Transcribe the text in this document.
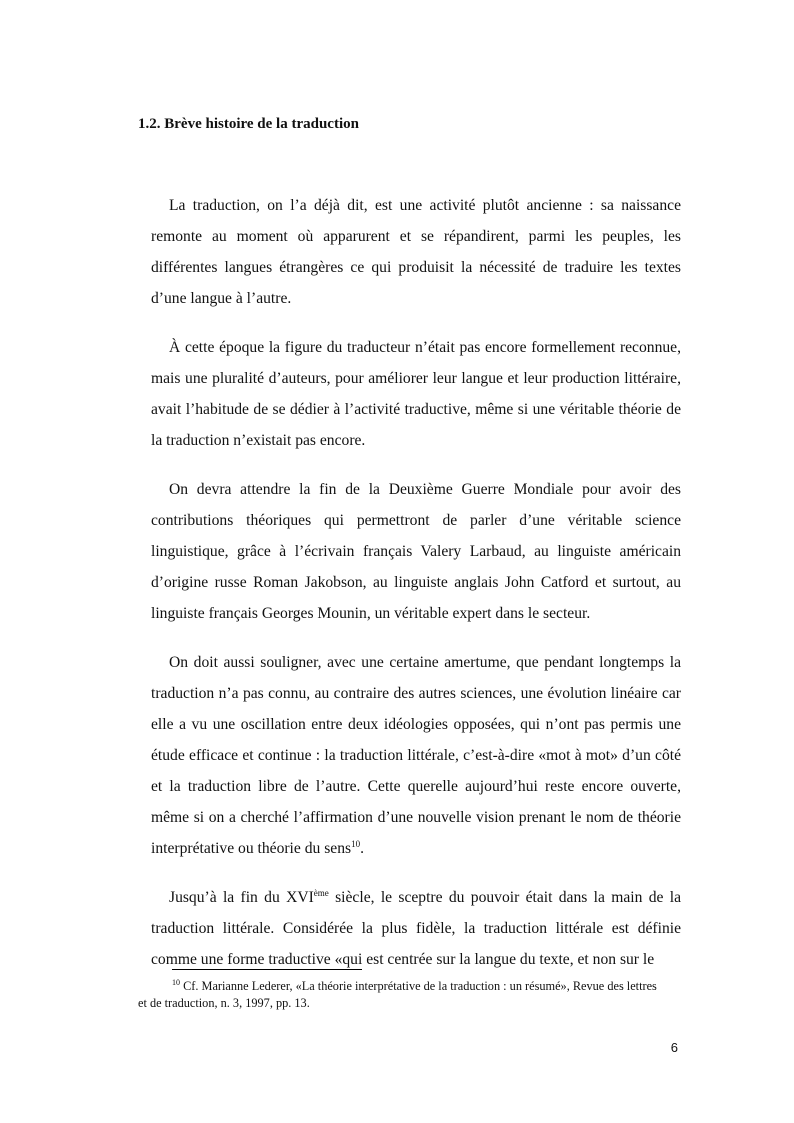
1.2. Brève histoire de la traduction

La traduction, on l’a déjà dit, est une activité plutôt ancienne : sa naissance remonte au moment où apparurent et se répandirent, parmi les peuples, les différentes langues étrangères ce qui produisit la nécessité de traduire les textes d’une langue à l’autre.

À cette époque la figure du traducteur n’était pas encore formellement reconnue, mais une pluralité d’auteurs, pour améliorer leur langue et leur production littéraire, avait l’habitude de se dédier à l’activité traductive, même si une véritable théorie de la traduction n’existait pas encore.

On devra attendre la fin de la Deuxième Guerre Mondiale pour avoir des contributions théoriques qui permettront de parler d’une véritable science linguistique, grâce à l’écrivain français Valery Larbaud, au linguiste américain d’origine russe Roman Jakobson, au linguiste anglais John Catford et surtout, au linguiste français Georges Mounin, un véritable expert dans le secteur.

On doit aussi souligner, avec une certaine amertume, que pendant longtemps la traduction n’a pas connu, au contraire des autres sciences, une évolution linéaire car elle a vu une oscillation entre deux idéologies opposées, qui n’ont pas permis une étude efficace et continue : la traduction littérale, c’est-à-dire «mot à mot» d’un côté et la traduction libre de l’autre. Cette querelle aujourd’hui reste encore ouverte, même si on a cherché l’affirmation d’une nouvelle vision prenant le nom de théorie interprétative ou théorie du sens$^{10}$.

Jusqu’à la fin du XVIème siècle, le sceptre du pouvoir était dans la main de la traduction littérale. Considérée la plus fidèle, la traduction littérale est définie comme une forme traductive «qui est centrée sur la langue du texte, et non sur le

$^{10}$ Cf. Marianne Lederer, «La théorie interprétative de la traduction : un résumé», Revue des lettres et de traduction, n. 3, 1997, pp. 13.

6
